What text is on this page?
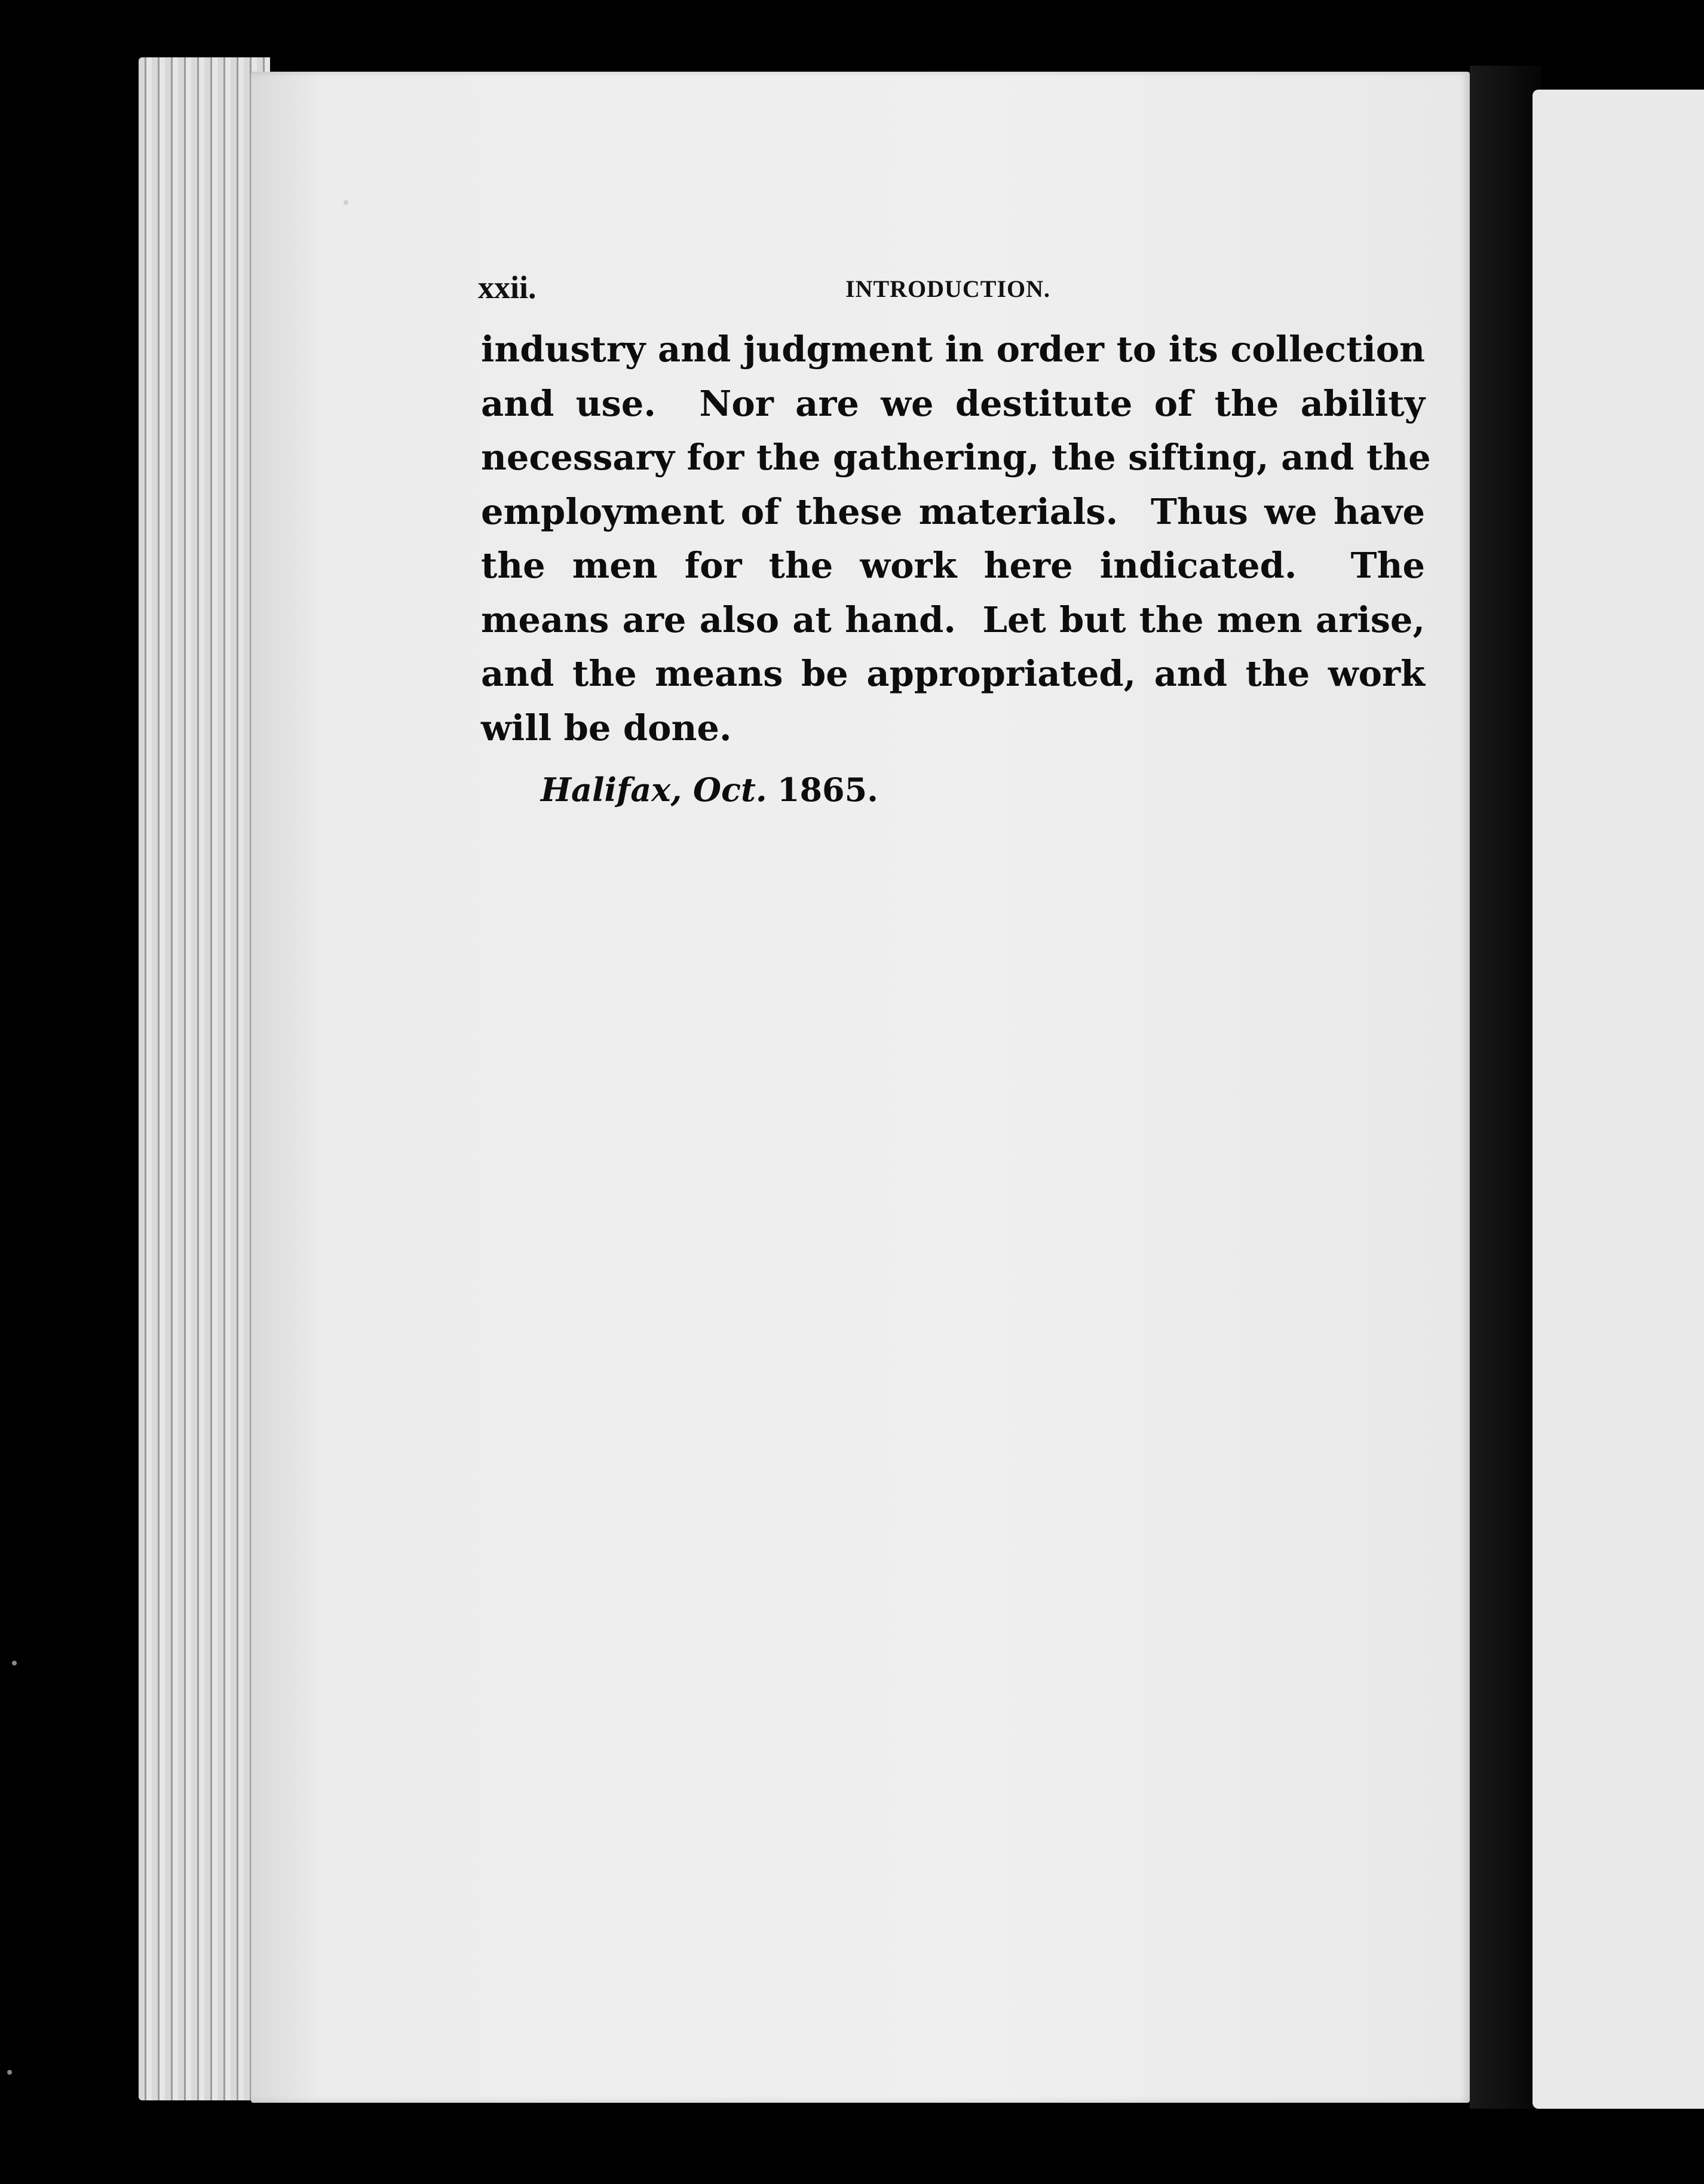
xxii.	INTRODUCTION.
industry and judgment in order to its collection
and use.  Nor are we destitute of the ability
necessary for the gathering, the sifting, and the
employment of these materials.  Thus we have
the men for the work here indicated.  The
means are also at hand.  Let but the men arise,
and the means be appropriated, and the work
will be done.
Halifax, Oct. 1865.
